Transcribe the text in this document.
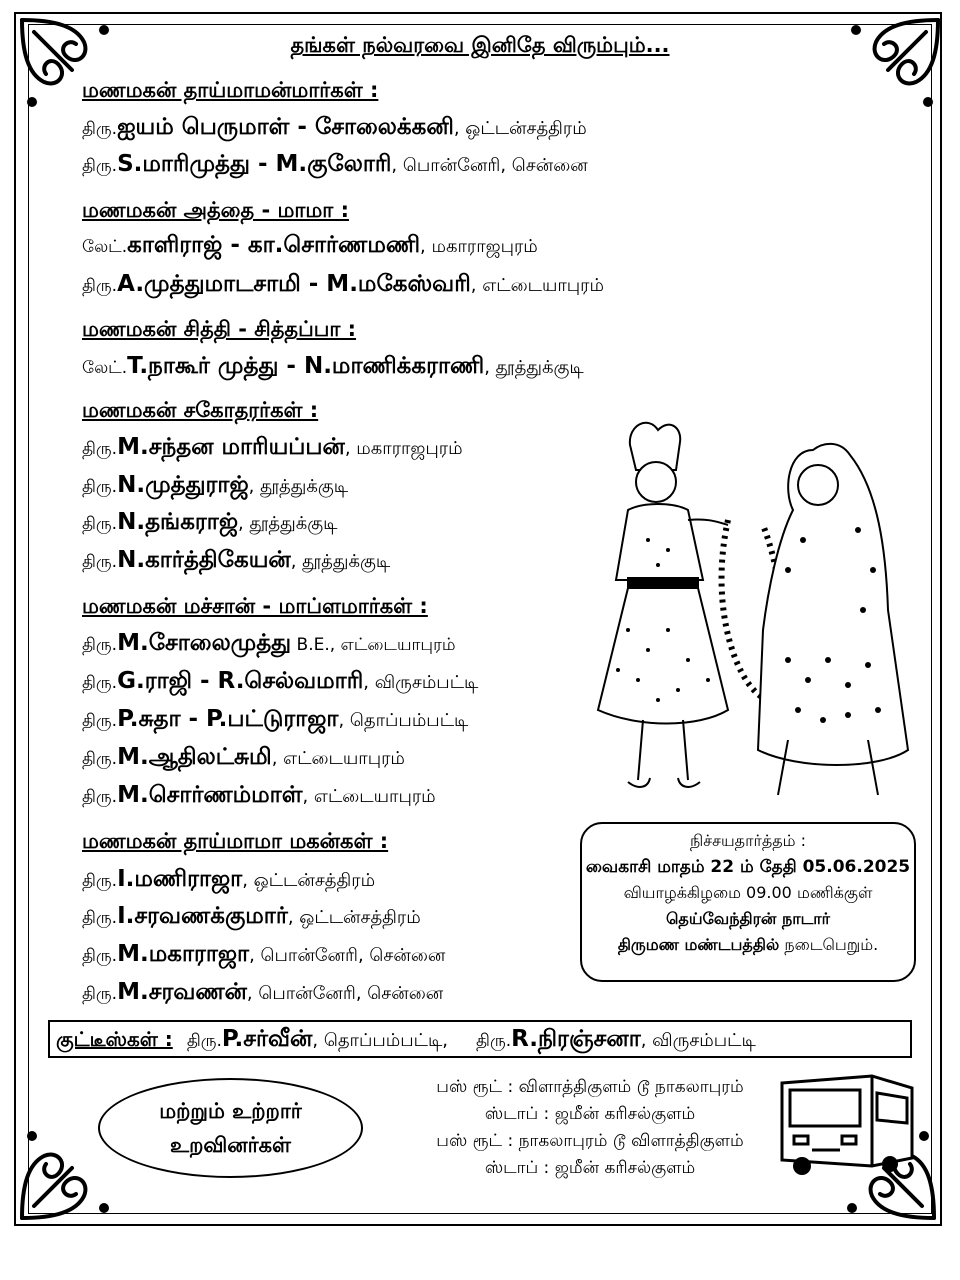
தங்கள் நல்வரவை இனிதே விரும்பும்...
மணமகன் தாய்மாமன்மார்கள் :
திரு.ஐயம் பெருமாள் - சோலைக்கனி, ஒட்டன்சத்திரம்
திரு.S.மாரிமுத்து - M.குலோரி, பொன்னேரி, சென்னை
மணமகன் அத்தை - மாமா :
லேட்.காளிராஜ் - கா.சொர்ணமணி, மகாராஜபுரம்
திரு.A.முத்துமாடசாமி - M.மகேஸ்வரி, எட்டையாபுரம்
மணமகன் சித்தி - சித்தப்பா :
லேட்.T.நாகூர் முத்து - N.மாணிக்கராணி, தூத்துக்குடி
மணமகன் சகோதரர்கள் :
திரு.M.சந்தன மாரியப்பன், மகாராஜபுரம்
திரு.N.முத்துராஜ், தூத்துக்குடி
திரு.N.தங்கராஜ், தூத்துக்குடி
திரு.N.கார்த்திகேயன், தூத்துக்குடி
மணமகன் மச்சான் - மாப்ளமார்கள் :
திரு.M.சோலைமுத்து B.E., எட்டையாபுரம்
திரு.G.ராஜி - R.செல்வமாரி, விருசம்பட்டி
திரு.P.சுதா - P.பட்டுராஜா, தொப்பம்பட்டி
திரு.M.ஆதிலட்சுமி, எட்டையாபுரம்
திரு.M.சொர்ணம்மாள், எட்டையாபுரம்
மணமகன் தாய்மாமா மகன்கள் :
திரு.I.மணிராஜா, ஒட்டன்சத்திரம்
திரு.I.சரவணக்குமார், ஒட்டன்சத்திரம்
திரு.M.மகாராஜா, பொன்னேரி, சென்னை
திரு.M.சரவணன், பொன்னேரி, சென்னை
நிச்சயதார்த்தம் :
வைகாசி மாதம் 22 ம் தேதி 05.06.2025
வியாழக்கிழமை 09.00 மணிக்குள்
தெய்வேந்திரன் நாடார்
திருமண மண்டபத்தில் நடைபெறும்.
குட்டீஸ்கள் : திரு.P.சர்வீன், தொப்பம்பட்டி, திரு.R.நிரஞ்சனா, விருசம்பட்டி
மற்றும் உற்றார்
உறவினர்கள்
பஸ் ரூட் : விளாத்திகுளம் டூ நாகலாபுரம்
ஸ்டாப் : ஜமீன் கரிசல்குளம்
பஸ் ரூட் : நாகலாபுரம் டூ விளாத்திகுளம்
ஸ்டாப் : ஜமீன் கரிசல்குளம்
